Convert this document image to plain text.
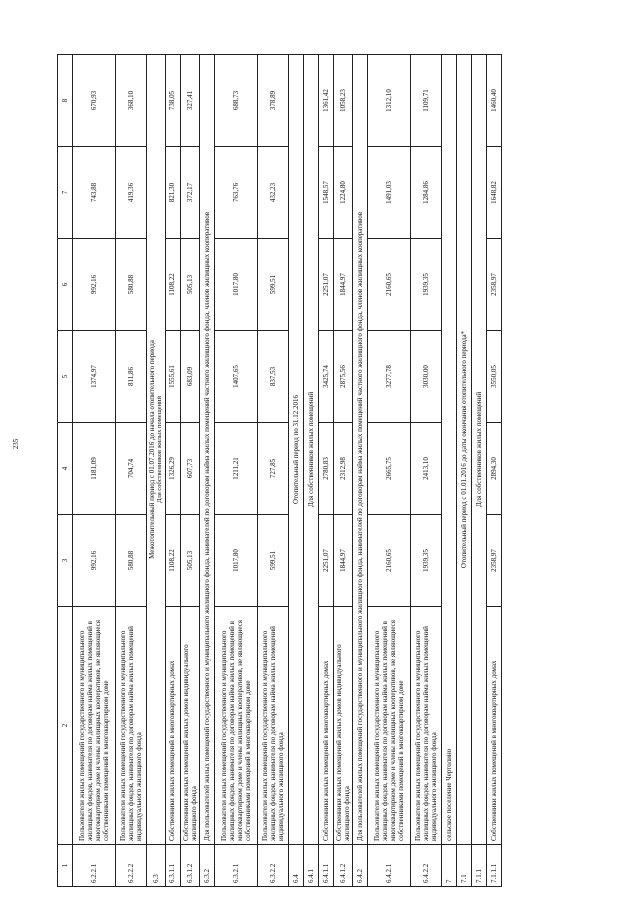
235
1	2	3	4	5	6	7	8
6.2.2.1	Пользователи жилых помещений государственного и муниципального жилищных фондов, нанимателя по договорам найма жилых помещений в многоквартирном доме и члены жилищных кооперативов, не являющиеся собственниками помещений в многоквартирном доме	992,16	1181,09	1374,97	992,16	743,88	670,93
6.2.2.2	Пользователи жилых помещений государственного и муниципального жилищных фондов, нанимателя по договорам найма жилых помещений индивидуального жилищного фонда	580,88	704,74	811,86	580,88	419,36	368,10
6.3	Межотопительный период с 01.07.2016 до начала отопительного периода Для собственников жилых помещений						

6.3.1.1	Собственники жилых помещений в многоквартирных домах	1108,22	1326,29	1555,61	1108,22	821,30	738,05
6.3.1.2	Собственники жилых помещений жилых домов индивидуального жилищного фонда	505,13	607,73	683,09	505,13	372,17	327,41
6.3.2	Для пользователей жилых помещений государственного и муниципального жилищного фонда, нанимателей по договорам найма жилых помещений частного жилищного фонда, членов жилищных кооперативов						
6.3.2.1	Пользователи жилых помещений государственного и муниципального жилищных фондов, нанимателя по договорам найма жилых помещений в многоквартирном доме и члены жилищных кооперативов, не являющиеся собственниками помещений в многоквартирном доме	1017,80	1211,21	1407,65	1017,80	763,76	688,73
6.3.2.2	Пользователи жилых помещений государственного и муниципального жилищных фондов, нанимателя по договорам найма жилых помещений индивидуального жилищного фонда	599,51	727,85	837,53	599,51	432,23	378,89
6.4	Отопительный период по 31.12.2016						
6.4.1	Для собственников жилых помещений						
6.4.1.1	Собственники жилых помещений в многоквартирных домах	2251,07	2780,83	3425,74	2251,07	1548,57	1361,42
6.4.1.2	Собственники жилых помещений жилых домов индивидуального жилищного фонда	1844,97	2312,98	2875,56	1844,97	1224,80	1058,23
6.4.2	Для пользователей жилых помещений государственного и муниципального жилищного фонда, нанимателей по договорам найма жилых помещений частного жилищного фонда, членов жилищных кооперативов						
6.4.2.1	Пользователи жилых помещений государственного и муниципального жилищных фондов, нанимателя по договорам найма жилых помещений в многоквартирном доме и члены жилищных кооперативов, не являющиеся собственниками помещений в многоквартирном доме	2160,65	2665,75	3277,78	2160,65	1491,03	1312,10
6.4.2.2	Пользователи жилых помещений государственного и муниципального жилищных фондов, нанимателя по договорам найма жилых помещений индивидуального жилищного фонда	1939,35	2413,10	3030,00	1939,35	1284,86	1109,71
7	сельское поселение Чертолино						
7.1	Отопительный период с 01.01.2016 до даты окончания отопительного периода*						
7.1.1	Для собственников жилых помещений						
7.1.1.1	Собственники жилых помещений в многоквартирных домах	2358,97	2894,30	3550,05	2358,97	1648,82	1460,40
